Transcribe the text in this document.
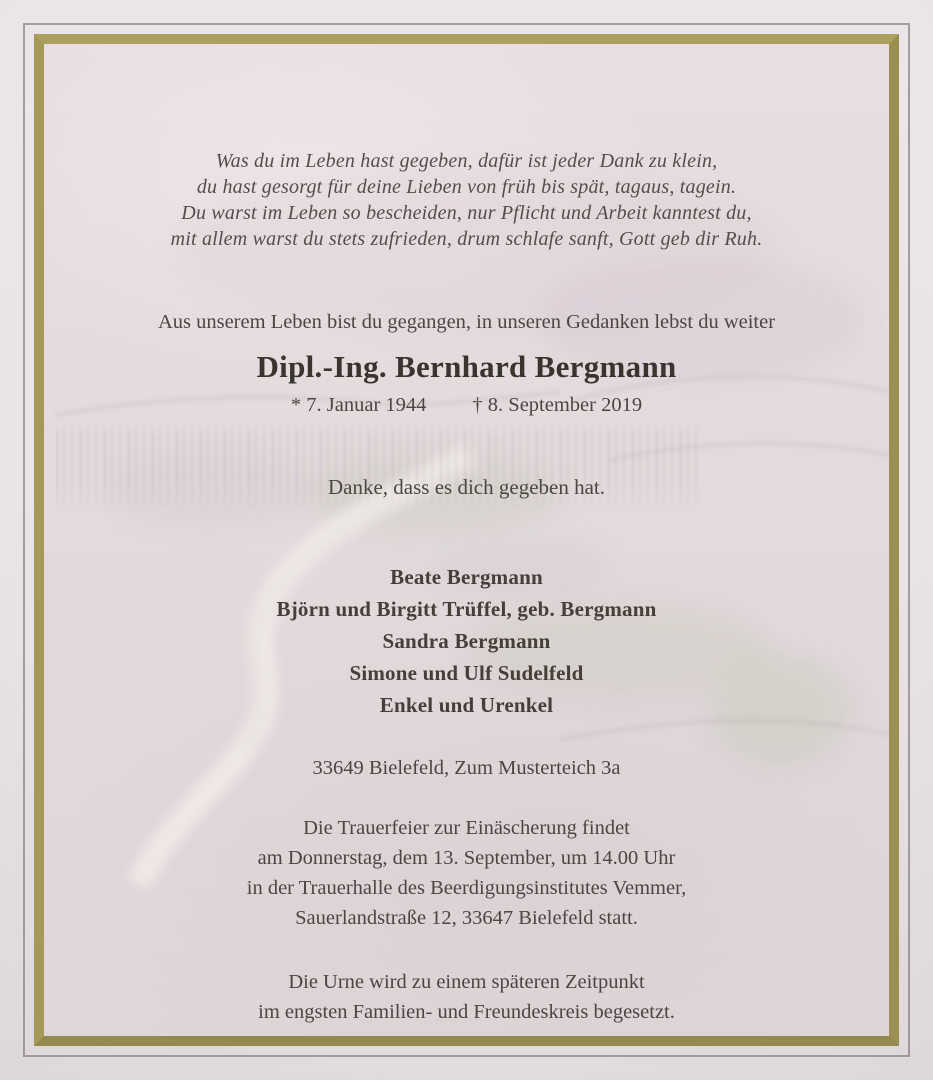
Was du im Leben hast gegeben, dafür ist jeder Dank zu klein,
du hast gesorgt für deine Lieben von früh bis spät, tagaus, tagein.
Du warst im Leben so bescheiden, nur Pflicht und Arbeit kanntest du,
mit allem warst du stets zufrieden, drum schlafe sanft, Gott geb dir Ruh.
Aus unserem Leben bist du gegangen, in unseren Gedanken lebst du weiter
Dipl.-Ing. Bernhard Bergmann
* 7. Januar 1944 † 8. September 2019
Danke, dass es dich gegeben hat.
Beate Bergmann
Björn und Birgitt Trüffel, geb. Bergmann
Sandra Bergmann
Simone und Ulf Sudelfeld
Enkel und Urenkel
33649 Bielefeld, Zum Musterteich 3a
Die Trauerfeier zur Einäscherung findet
am Donnerstag, dem 13. September, um 14.00 Uhr
in der Trauerhalle des Beerdigungsinstitutes Vemmer,
Sauerlandstraße 12, 33647 Bielefeld statt.
Die Urne wird zu einem späteren Zeitpunkt
im engsten Familien- und Freundeskreis begesetzt.
